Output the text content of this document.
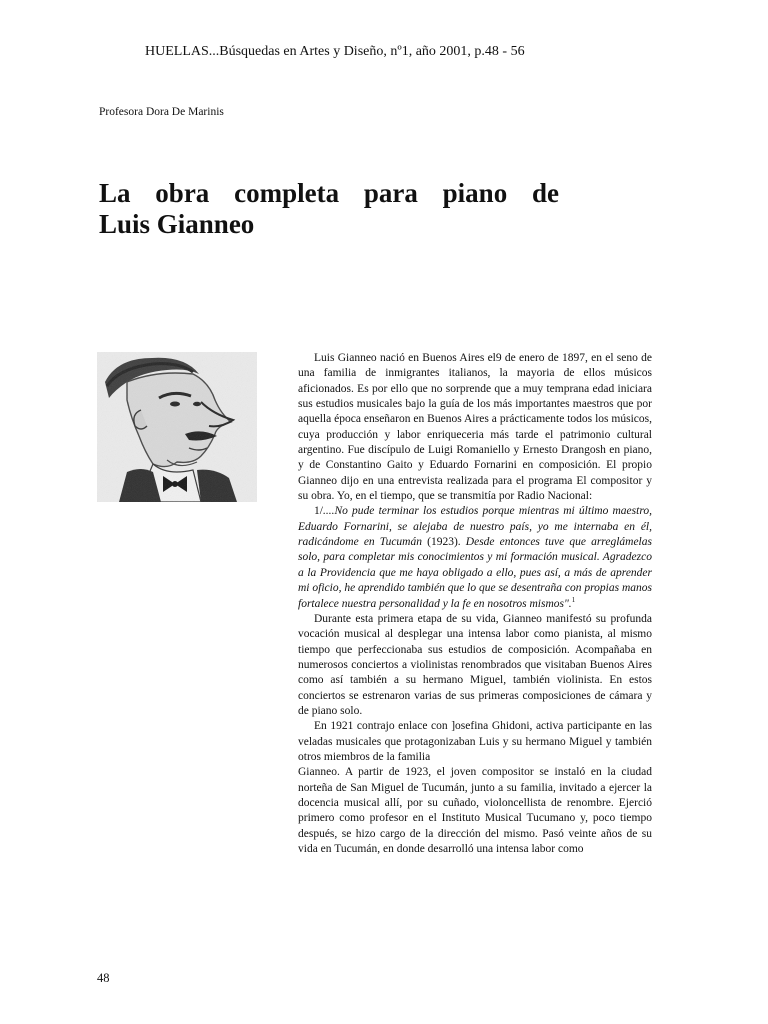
HUELLAS...Búsquedas en Artes y Diseño, nº1, año 2001, p.48 - 56
Profesora Dora De Marinis
La obra completa para piano de
Luis Gianneo

Luis Gianneo nació en Buenos Aires el9 de enero de 1897, en el seno de una familia de inmigrantes italianos, la mayoria de ellos músicos aficionados. Es por ello que no sorprende que a muy temprana edad iniciara sus estudios musicales bajo la guía de los más importantes maestros que por aquella época enseñaron en Buenos Aires a prácticamente todos los músicos, cuya producción y labor enriqueceria más tarde el patrimonio cultural argentino. Fue discípulo de Luigi Romaniello y Ernesto Drangosh en piano, y de Constantino Gaito y Eduardo Fornarini en composición. El propio Gianneo dijo en una entrevista realizada para el programa El compositor y su obra. Yo, en el tiempo, que se transmitía por Radio Nacional:

1/....No pude terminar los estudios porque mientras mi último maestro, Eduardo Fornarini, se alejaba de nuestro país, yo me internaba en él, radicándome en Tucumán (1923). Desde entonces tuve que arreglámelas solo, para completar mis conocimientos y mi formación musical. Agradezco a la Providencia que me haya obligado a ello, pues así, a más de aprender mi oficio, he aprendido también que lo que se desentraña con propias manos fortalece nuestra personalidad y la fe en nosotros mismos".$^1$

Durante esta primera etapa de su vida, Gianneo manifestó su profunda vocación musical al desplegar una intensa labor como pianista, al mismo tiempo que perfeccionaba sus estudios de composición. Acompañaba en numerosos conciertos a violinistas renombrados que visitaban Buenos Aires como así también a su hermano Miguel, también violinista. En estos conciertos se estrenaron varias de sus primeras composiciones de cámara y de piano solo.

En 1921 contrajo enlace con ]osefina Ghidoni, activa participante en las veladas musicales que protagonizaban Luis y su hermano Miguel y también otros miembros de la familia

Gianneo. A partir de 1923, el joven compositor se instaló en la ciudad norteña de San Miguel de Tucumán, junto a su familia, invitado a ejercer la docencia musical allí, por su cuñado, violoncellista de renombre. Ejerció primero como profesor en el Instituto Musical Tucumano y, poco tiempo después, se hizo cargo de la dirección del mismo. Pasó veinte años de su vida en Tucumán, en donde desarrolló una intensa labor como

48
